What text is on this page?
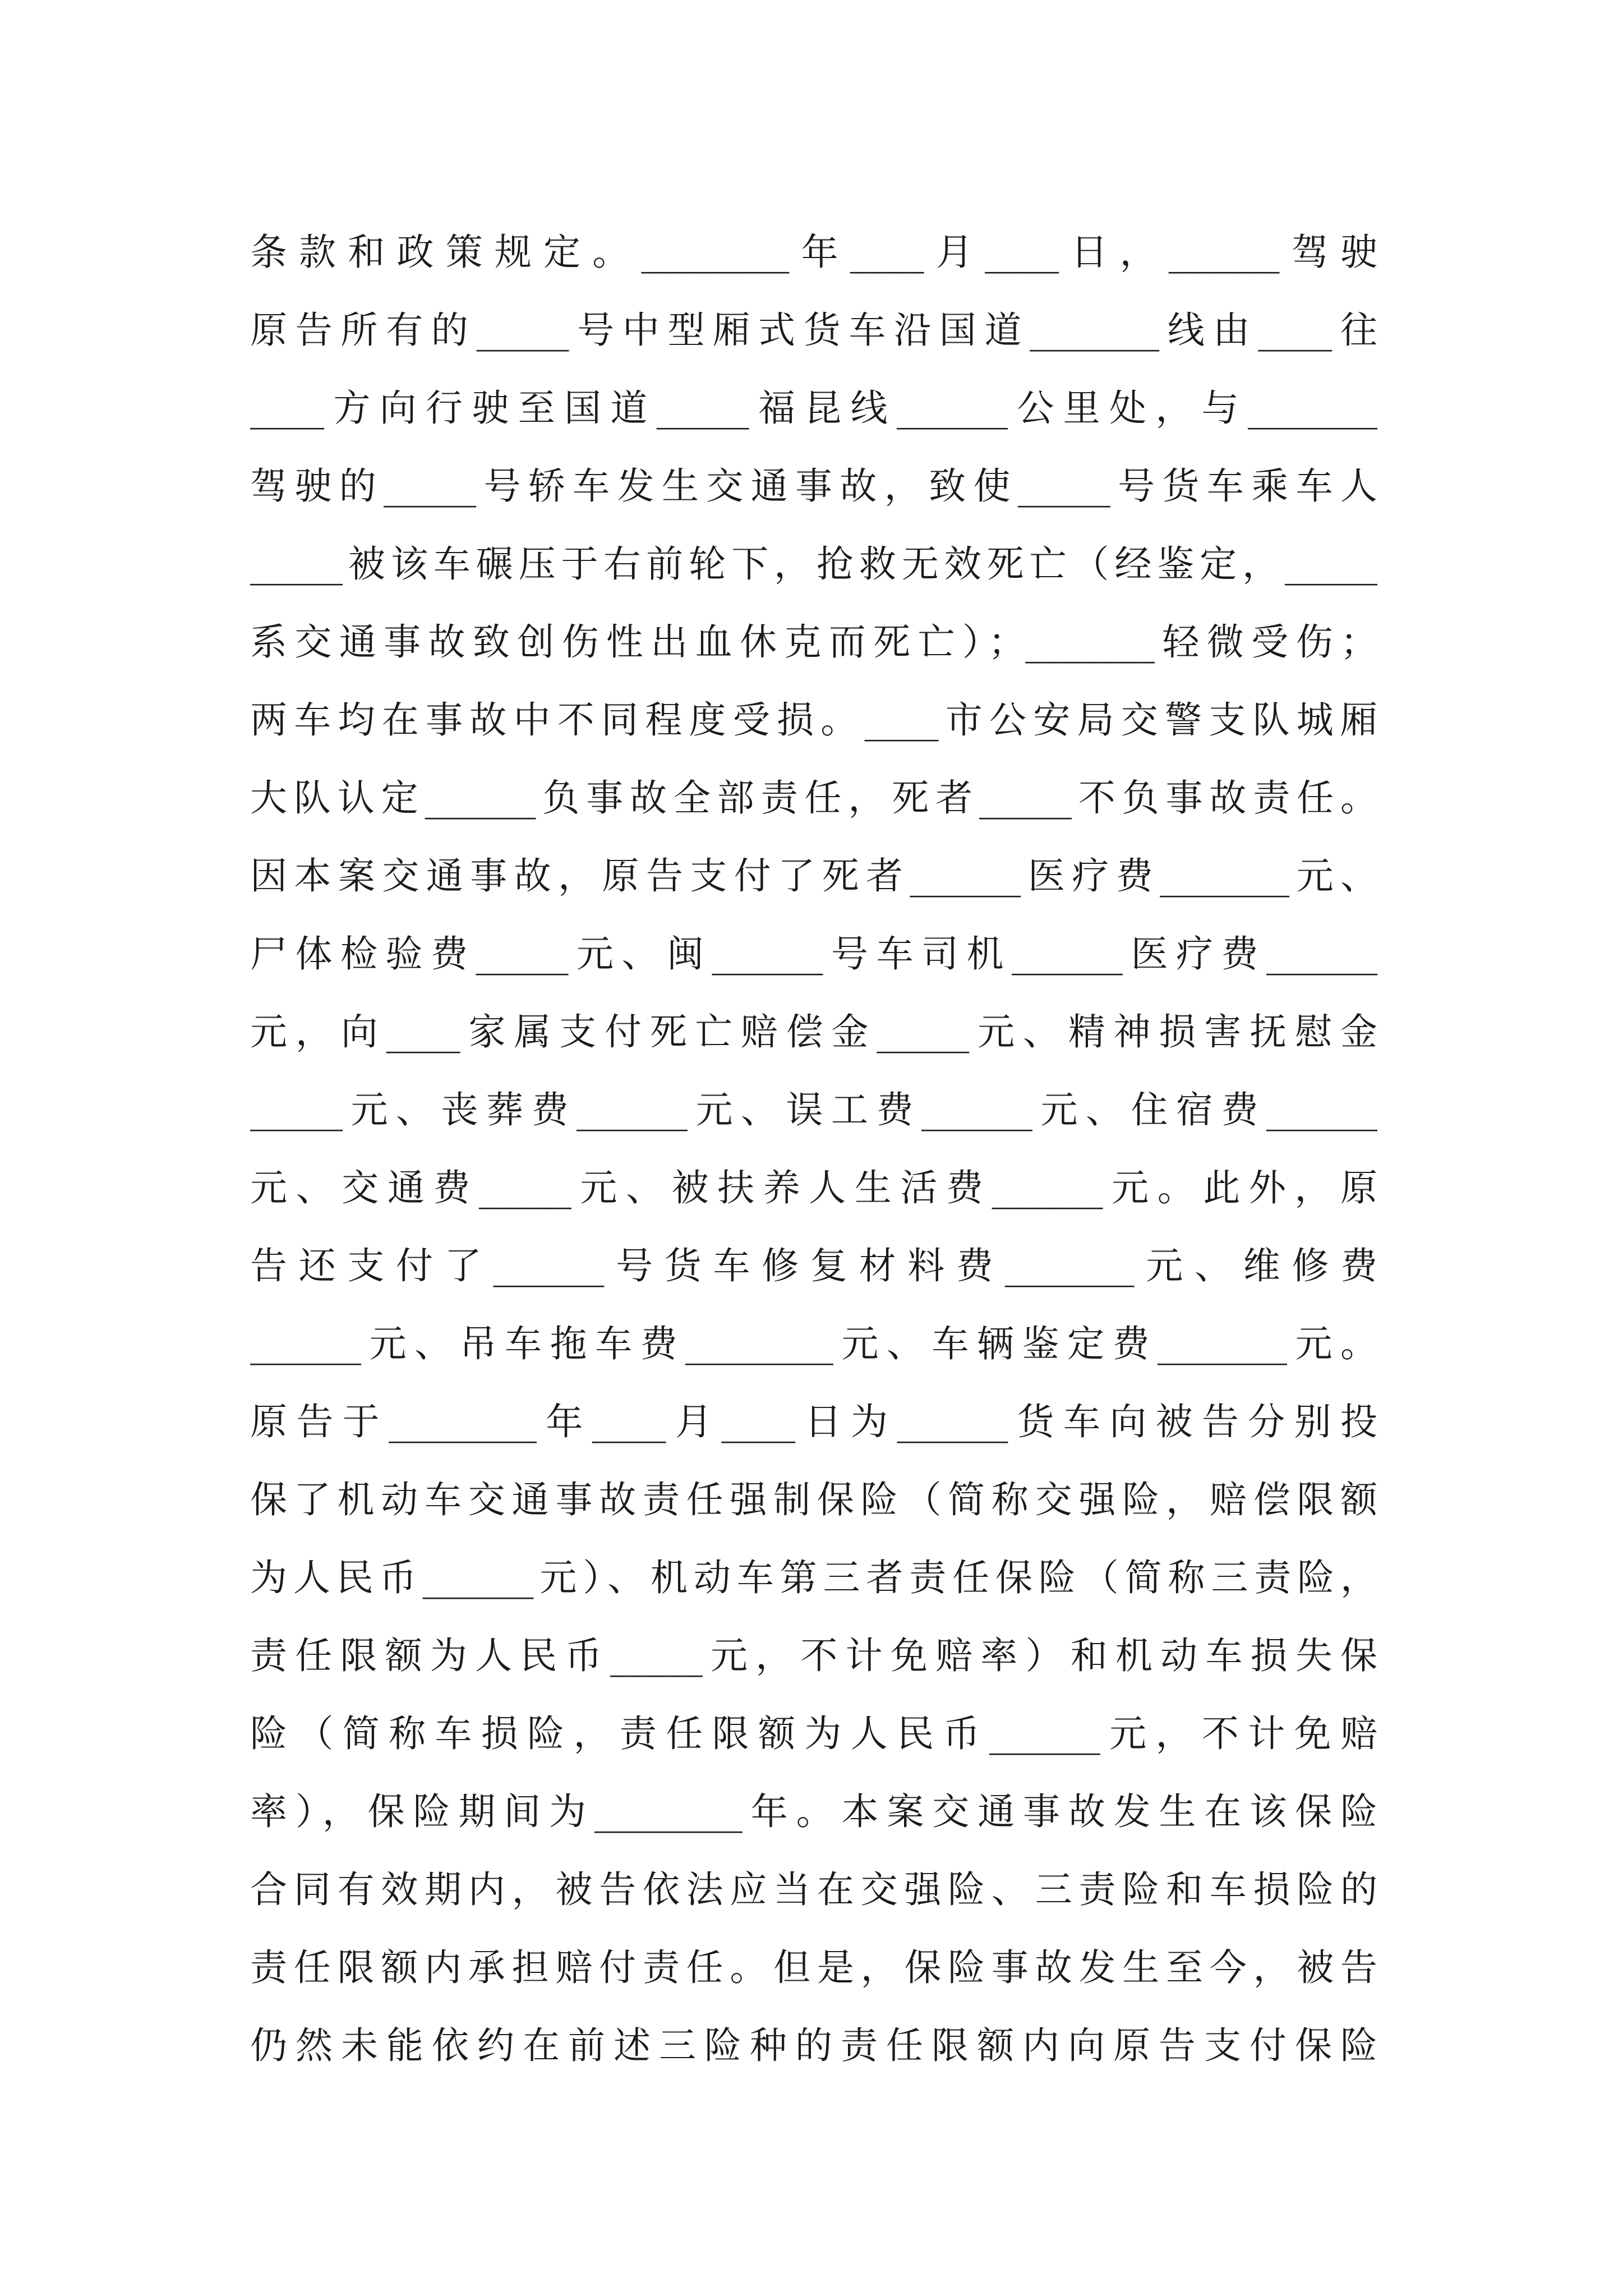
条款和政策规定。________年____月____日，______驾驶
原告所有的_____号中型厢式货车沿国道_______线由____往
____方向行驶至国道_____福昆线______公里处，与_______
驾驶的_____号轿车发生交通事故，致使_____号货车乘车人
_____被该车碾压于右前轮下，抢救无效死亡（经鉴定，_____
系交通事故致创伤性出血休克而死亡）；_______轻微受伤；
两车均在事故中不同程度受损。____市公安局交警支队城厢
大队认定______负事故全部责任，死者_____不负事故责任。
因本案交通事故，原告支付了死者______医疗费_______元、
尸体检验费_____元、闽______号车司机______医疗费______
元，向____家属支付死亡赔偿金_____元、精神损害抚慰金
_____元、丧葬费______元、误工费______元、住宿费______
元、交通费_____元、被扶养人生活费______元。此外，原
告还支付了______号货车修复材料费_______元、维修费
______元、吊车拖车费________元、车辆鉴定费_______元。
原告于________年____月____日为______货车向被告分别投
保了机动车交通事故责任强制保险（简称交强险，赔偿限额
为人民币______元）、机动车第三者责任保险（简称三责险，
责任限额为人民币_____元，不计免赔率）和机动车损失保
险（简称车损险，责任限额为人民币______元，不计免赔
率），保险期间为________年。本案交通事故发生在该保险
合同有效期内，被告依法应当在交强险、三责险和车损险的
责任限额内承担赔付责任。但是，保险事故发生至今，被告
仍然未能依约在前述三险种的责任限额内向原告支付保险
